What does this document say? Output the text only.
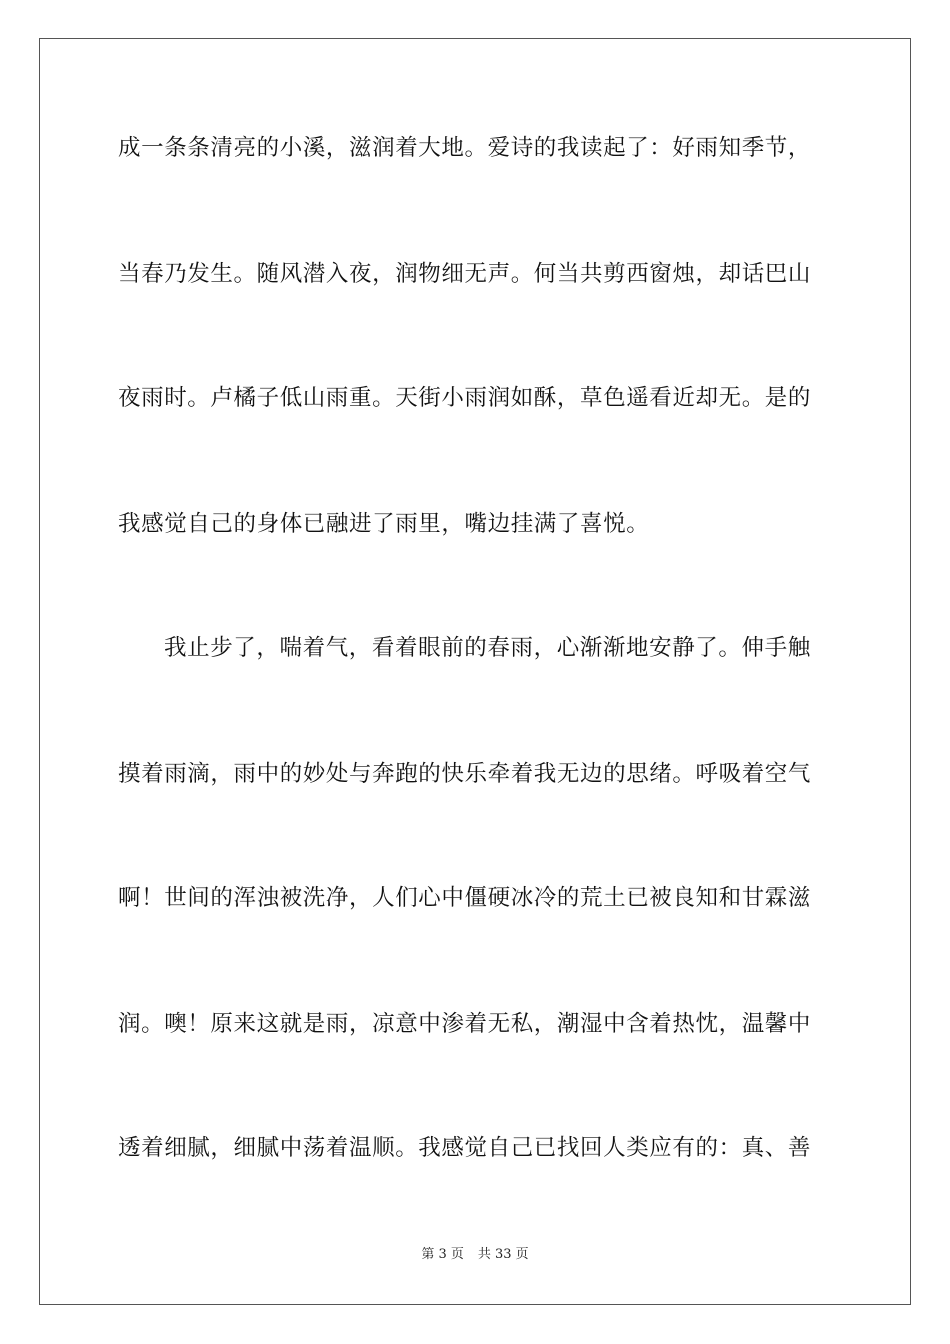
成一条条清亮的小溪，滋润着大地。爱诗的我读起了：好雨知季节，
当春乃发生。随风潜入夜，润物细无声。何当共剪西窗烛，却话巴山
夜雨时。卢橘子低山雨重。天街小雨润如酥，草色遥看近却无。是的
我感觉自己的身体已融进了雨里，嘴边挂满了喜悦。
我止步了，喘着气，看着眼前的春雨，心渐渐地安静了。伸手触
摸着雨滴，雨中的妙处与奔跑的快乐牵着我无边的思绪。呼吸着空气
啊！世间的浑浊被洗净，人们心中僵硬冰冷的荒土已被良知和甘霖滋
润。噢！原来这就是雨，凉意中渗着无私，潮湿中含着热忱，温馨中
透着细腻，细腻中荡着温顺。我感觉自己已找回人类应有的：真、善
第 3 页 共 33 页
